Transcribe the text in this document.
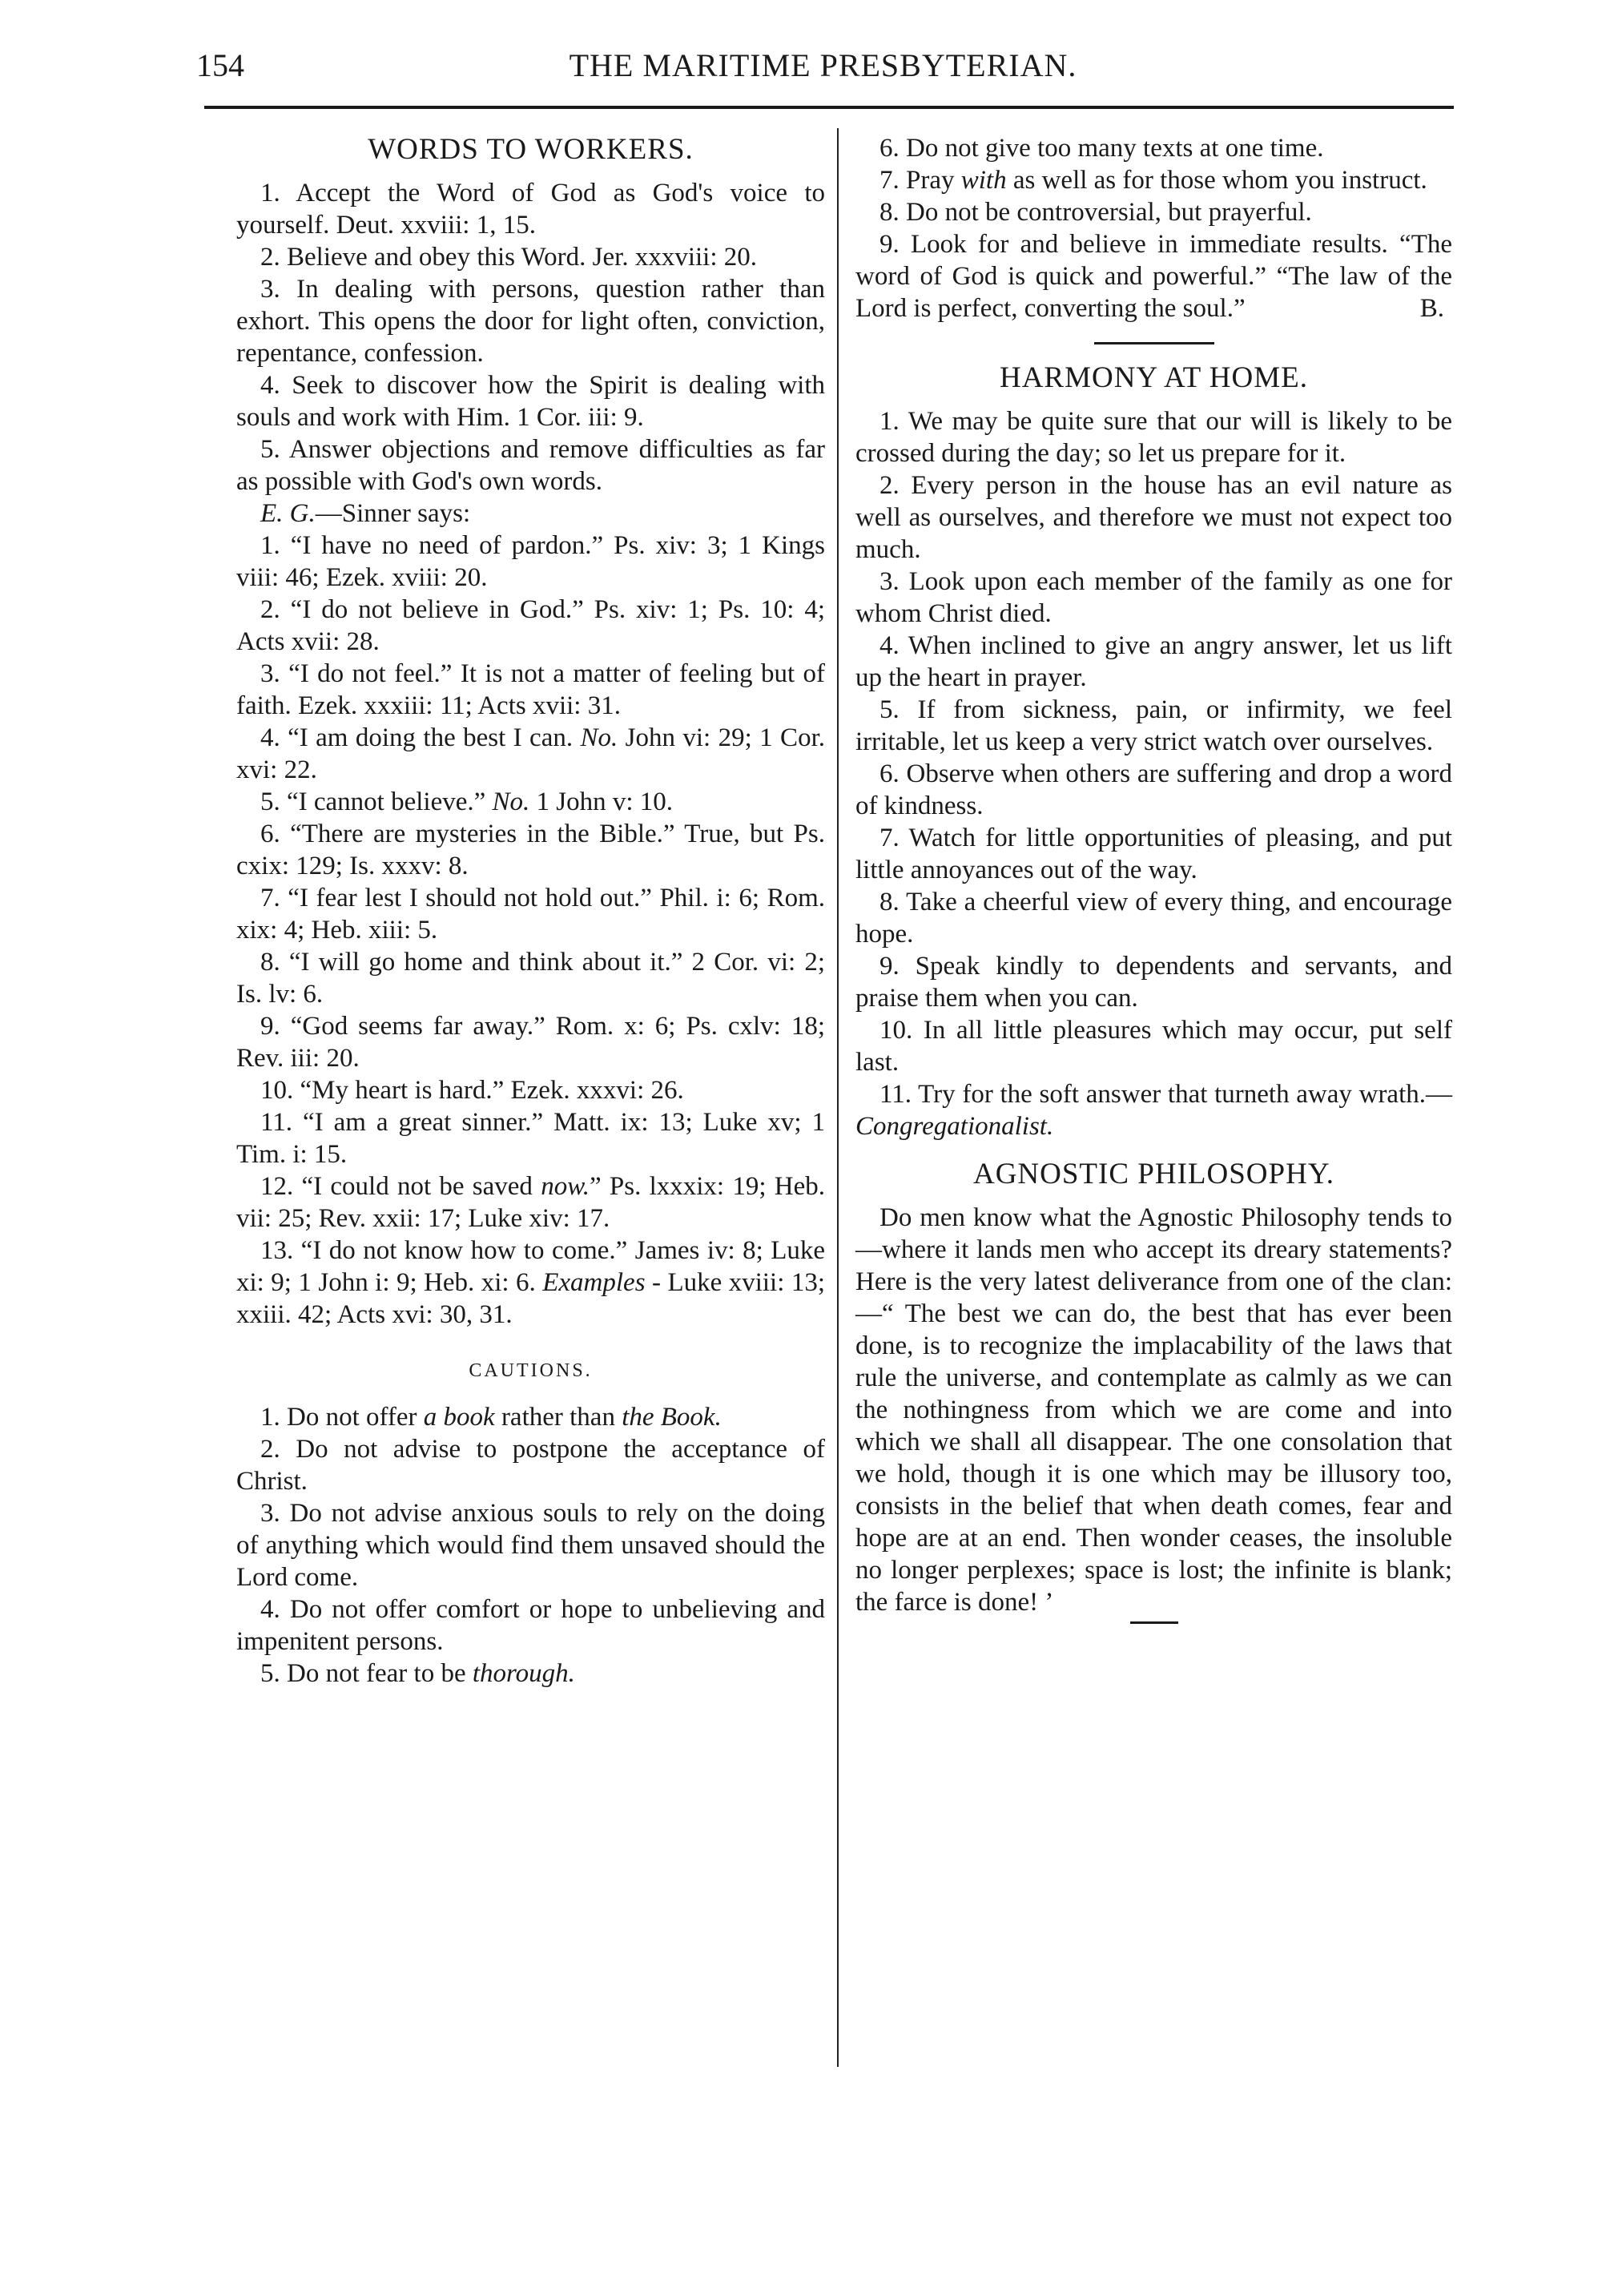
154	THE MARITIME PRESBYTERIAN.
WORDS TO WORKERS.

1. Accept the Word of God as God's voice to yourself. Deut. xxviii: 1, 15.

2. Believe and obey this Word. Jer. xxxviii: 20.

3. In dealing with persons, question rather than exhort. This opens the door for light often, conviction, repentance, confession.

4. Seek to discover how the Spirit is dealing with souls and work with Him. 1 Cor. iii: 9.

5. Answer objections and remove difficulties as far as possible with God's own words.

E. G.—Sinner says:

1. “I have no need of pardon.” Ps. xiv: 3; 1 Kings viii: 46; Ezek. xviii: 20.

2. “I do not believe in God.” Ps. xiv: 1; Ps. 10: 4; Acts xvii: 28.

3. “I do not feel.” It is not a matter of feeling but of faith. Ezek. xxxiii: 11; Acts xvii: 31.

4. “I am doing the best I can. No. John vi: 29; 1 Cor. xvi: 22.

5. “I cannot believe.” No. 1 John v: 10.

6. “There are mysteries in the Bible.” True, but Ps. cxix: 129; Is. xxxv: 8.

7. “I fear lest I should not hold out.” Phil. i: 6; Rom. xix: 4; Heb. xiii: 5.

8. “I will go home and think about it.” 2 Cor. vi: 2; Is. lv: 6.

9. “God seems far away.” Rom. x: 6; Ps. cxlv: 18; Rev. iii: 20.

10. “My heart is hard.” Ezek. xxxvi: 26.

11. “I am a great sinner.” Matt. ix: 13; Luke xv; 1 Tim. i: 15.

12. “I could not be saved now.” Ps. lxxxix: 19; Heb. vii: 25; Rev. xxii: 17; Luke xiv: 17.

13. “I do not know how to come.” James iv: 8; Luke xi: 9; 1 John i: 9; Heb. xi: 6. Examples - Luke xviii: 13; xxiii. 42; Acts xvi: 30, 31.

CAUTIONS.

1. Do not offer a book rather than the Book.

2. Do not advise to postpone the acceptance of Christ.

3. Do not advise anxious souls to rely on the doing of anything which would find them unsaved should the Lord come.

4. Do not offer comfort or hope to unbelieving and impenitent persons.

5. Do not fear to be thorough.

6. Do not give too many texts at one time.

7. Pray with as well as for those whom you instruct.

8. Do not be controversial, but prayerful.

9. Look for and believe in immediate results. “The word of God is quick and powerful.” “The law of the Lord is perfect, converting the soul.”	B.

HARMONY AT HOME.

1. We may be quite sure that our will is likely to be crossed during the day; so let us prepare for it.

2. Every person in the house has an evil nature as well as ourselves, and therefore we must not expect too much.

3. Look upon each member of the family as one for whom Christ died.

4. When inclined to give an angry answer, let us lift up the heart in prayer.

5. If from sickness, pain, or infirmity, we feel irritable, let us keep a very strict watch over ourselves.

6. Observe when others are suffering and drop a word of kindness.

7. Watch for little opportunities of pleasing, and put little annoyances out of the way.

8. Take a cheerful view of every thing, and encourage hope.

9. Speak kindly to dependents and servants, and praise them when you can.

10. In all little pleasures which may occur, put self last.

11. Try for the soft answer that turneth away wrath.—Congregationalist.

AGNOSTIC PHILOSOPHY.

Do men know what the Agnostic Philosophy tends to—where it lands men who accept its dreary statements? Here is the very latest deliverance from one of the clan: —“ The best we can do, the best that has ever been done, is to recognize the implacability of the laws that rule the universe, and contemplate as calmly as we can the nothingness from which we are come and into which we shall all disappear. The one consolation that we hold, though it is one which may be illusory too, consists in the belief that when death comes, fear and hope are at an end. Then wonder ceases, the insoluble no longer perplexes; space is lost; the infinite is blank; the farce is done! ’
